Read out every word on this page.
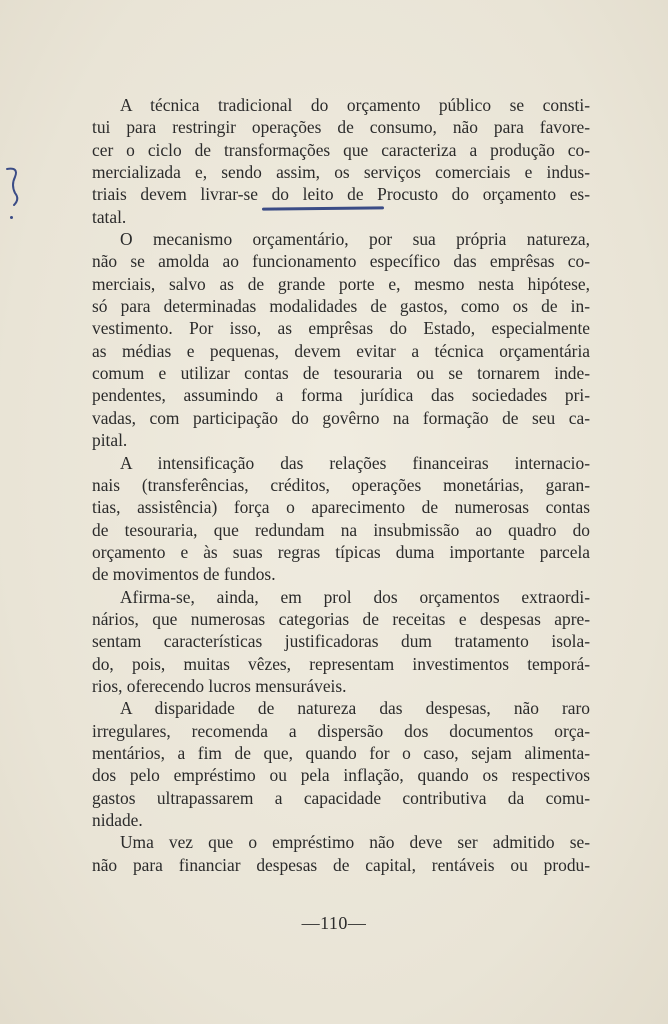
A técnica tradicional do orçamento público se consti-
tui para restringir operações de consumo, não para favore-
cer o ciclo de transformações que caracteriza a produção co-
mercializada e, sendo assim, os serviços comerciais e indus-
triais devem livrar-se do leito de Procusto do orçamento es-
tatal.
O mecanismo orçamentário, por sua própria natureza,
não se amolda ao funcionamento específico das emprêsas co-
merciais, salvo as de grande porte e, mesmo nesta hipótese,
só para determinadas modalidades de gastos, como os de in-
vestimento. Por isso, as emprêsas do Estado, especialmente
as médias e pequenas, devem evitar a técnica orçamentária
comum e utilizar contas de tesouraria ou se tornarem inde-
pendentes, assumindo a forma jurídica das sociedades pri-
vadas, com participação do govêrno na formação de seu ca-
pital.
A intensificação das relações financeiras internacio-
nais (transferências, créditos, operações monetárias, garan-
tias, assistência) força o aparecimento de numerosas contas
de tesouraria, que redundam na insubmissão ao quadro do
orçamento e às suas regras típicas duma importante parcela
de movimentos de fundos.
Afirma-se, ainda, em prol dos orçamentos extraordi-
nários, que numerosas categorias de receitas e despesas apre-
sentam características justificadoras dum tratamento isola-
do, pois, muitas vêzes, representam investimentos temporá-
rios, oferecendo lucros mensuráveis.
A disparidade de natureza das despesas, não raro
irregulares, recomenda a dispersão dos documentos orça-
mentários, a fim de que, quando for o caso, sejam alimenta-
dos pelo empréstimo ou pela inflação, quando os respectivos
gastos ultrapassarem a capacidade contributiva da comu-
nidade.
Uma vez que o empréstimo não deve ser admitido se-
não para financiar despesas de capital, rentáveis ou produ-
—110—
